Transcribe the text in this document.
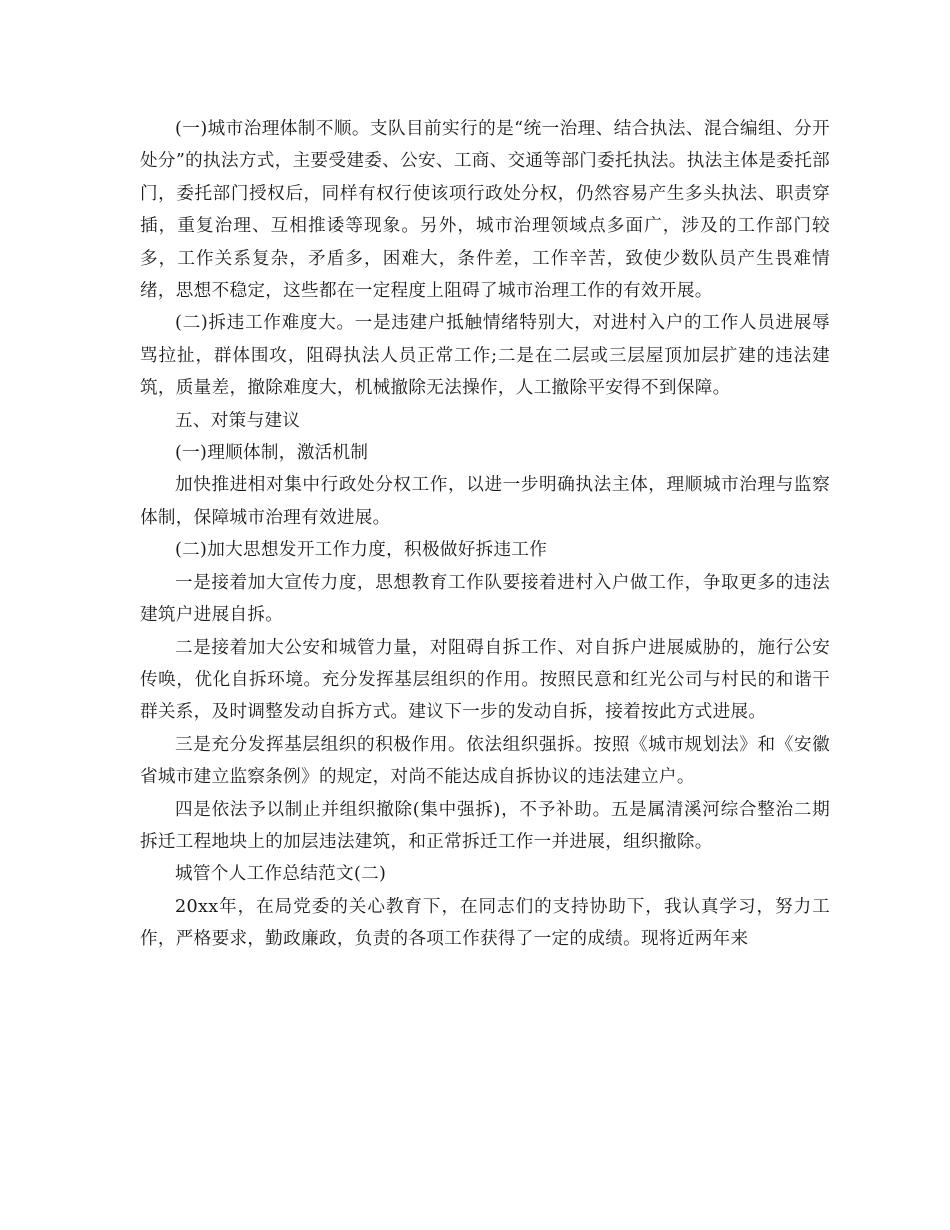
(一)城市治理体制不顺。支队目前实行的是“统一治理、结合执法、混合编组、分开处分”的执法方式，主要受建委、公安、工商、交通等部门委托执法。执法主体是委托部门，委托部门授权后，同样有权行使该项行政处分权，仍然容易产生多头执法、职责穿插，重复治理、互相推诿等现象。另外，城市治理领域点多面广，涉及的工作部门较多，工作关系复杂，矛盾多，困难大，条件差，工作辛苦，致使少数队员产生畏难情绪，思想不稳定，这些都在一定程度上阻碍了城市治理工作的有效开展。

(二)拆违工作难度大。一是违建户抵触情绪特别大，对进村入户的工作人员进展辱骂拉扯，群体围攻，阻碍执法人员正常工作;二是在二层或三层屋顶加层扩建的违法建筑，质量差，撤除难度大，机械撤除无法操作，人工撤除平安得不到保障。

五、对策与建议

(一)理顺体制，激活机制

加快推进相对集中行政处分权工作，以进一步明确执法主体，理顺城市治理与监察体制，保障城市治理有效进展。

(二)加大思想发开工作力度，积极做好拆违工作

一是接着加大宣传力度，思想教育工作队要接着进村入户做工作，争取更多的违法建筑户进展自拆。

二是接着加大公安和城管力量，对阻碍自拆工作、对自拆户进展威胁的，施行公安传唤，优化自拆环境。充分发挥基层组织的作用。按照民意和红光公司与村民的和谐干群关系，及时调整发动自拆方式。建议下一步的发动自拆，接着按此方式进展。

三是充分发挥基层组织的积极作用。依法组织强拆。按照《城市规划法》和《安徽省城市建立监察条例》的规定，对尚不能达成自拆协议的违法建立户。

四是依法予以制止并组织撤除(集中强拆)，不予补助。五是属清溪河综合整治二期拆迁工程地块上的加层违法建筑，和正常拆迁工作一并进展，组织撤除。

城管个人工作总结范文(二)

20xx年，在局党委的关心教育下，在同志们的支持协助下，我认真学习，努力工作，严格要求，勤政廉政，负责的各项工作获得了一定的成绩。现将近两年来
